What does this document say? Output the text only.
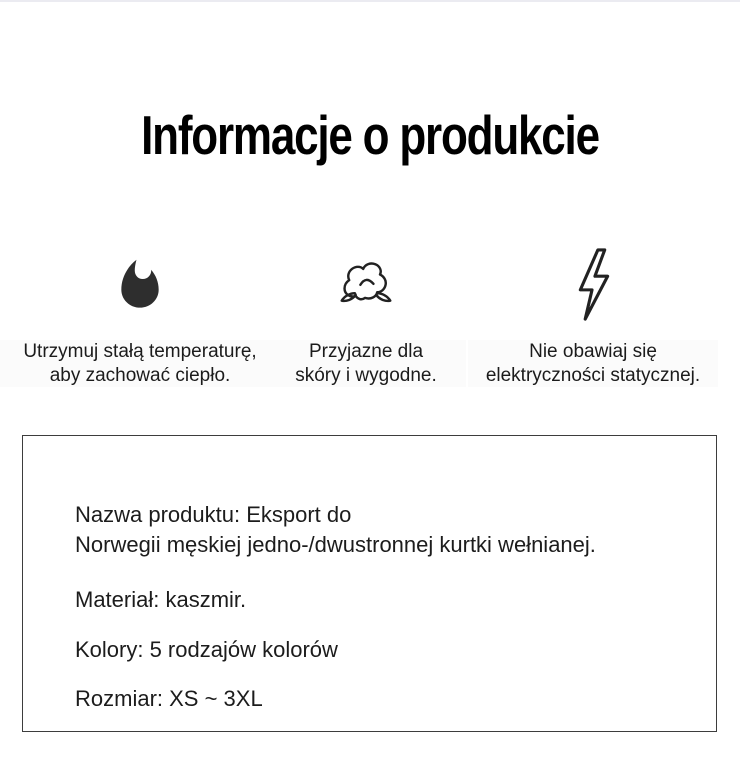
Informacje o produkcie

Utrzymuj stałą temperaturę,
aby zachować ciepło.

Przyjazne dla
skóry i wygodne.

Nie obawiaj się
elektryczności statycznej.

Nazwa produktu: Eksport do
Norwegii męskiej jedno-/dwustronnej kurtki wełnianej.

Materiał: kaszmir.

Kolory: 5 rodzajów kolorów

Rozmiar: XS ~ 3XL
